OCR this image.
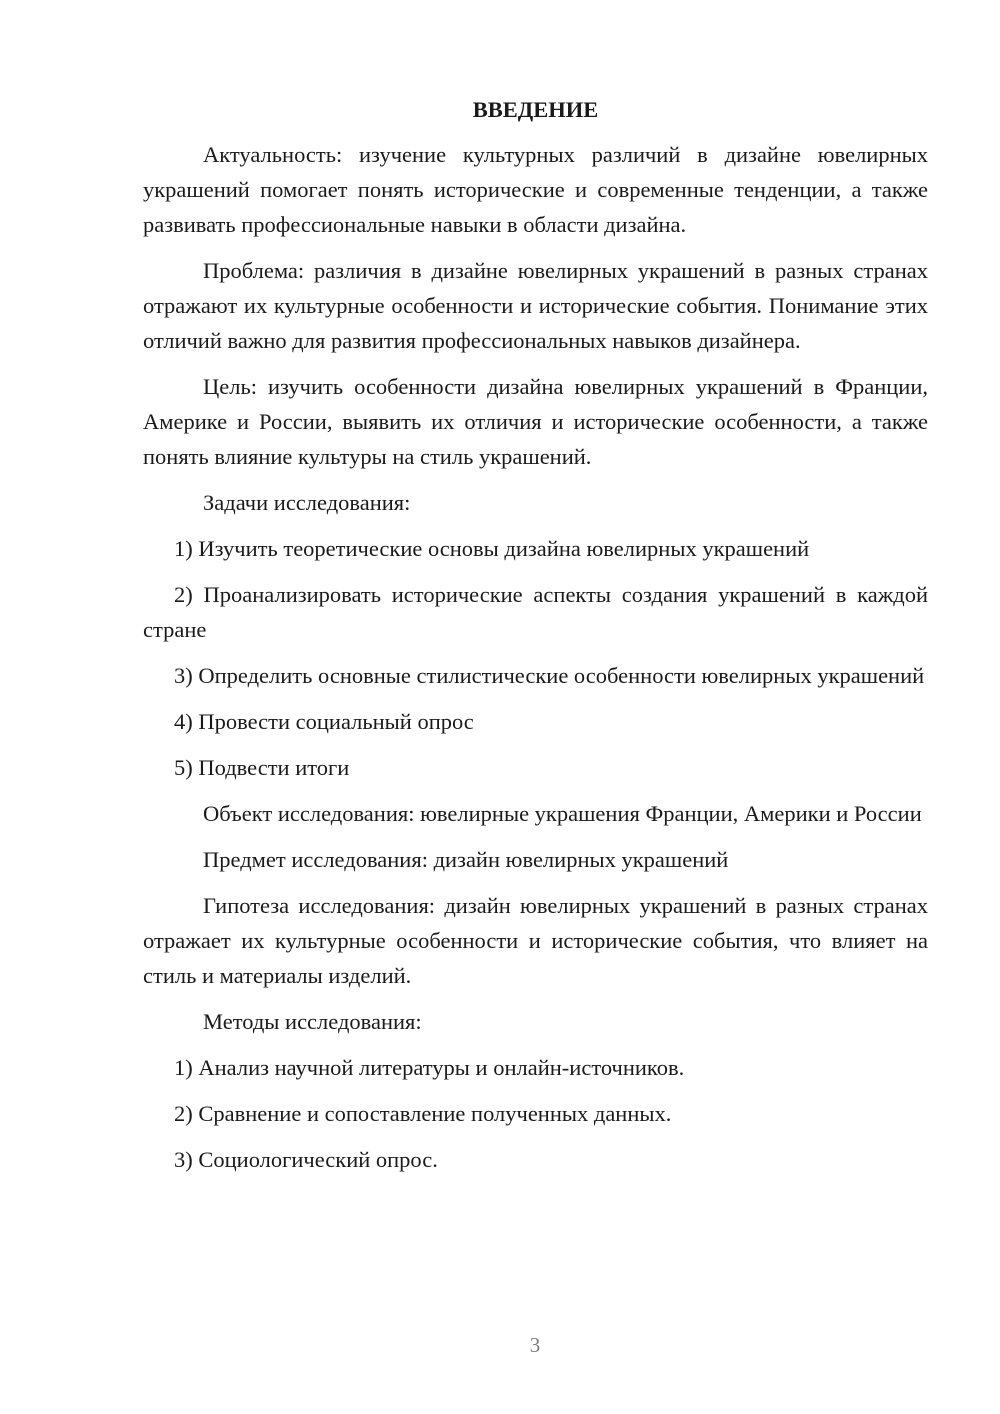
ВВЕДЕНИЕ

Актуальность: изучение культурных различий в дизайне ювелирных украшений помогает понять исторические и современные тенденции, а также развивать профессиональные навыки в области дизайна.

Проблема: различия в дизайне ювелирных украшений в разных странах отражают их культурные особенности и исторические события. Понимание этих отличий важно для развития профессиональных навыков дизайнера.

Цель: изучить особенности дизайна ювелирных украшений в Франции, Америке и России, выявить их отличия и исторические особенности, а также понять влияние культуры на стиль украшений.

Задачи исследования:

1) Изучить теоретические основы дизайна ювелирных украшений

2) Проанализировать исторические аспекты создания украшений в каждой стране

3) Определить основные стилистические особенности ювелирных украшений

4) Провести социальный опрос

5) Подвести итоги

Объект исследования: ювелирные украшения Франции, Америки и России

Предмет исследования: дизайн ювелирных украшений

Гипотеза исследования: дизайн ювелирных украшений в разных странах отражает их культурные особенности и исторические события, что влияет на стиль и материалы изделий.

Методы исследования:

1) Анализ научной литературы и онлайн-источников.

2) Сравнение и сопоставление полученных данных.

3) Социологический опрос.

3
